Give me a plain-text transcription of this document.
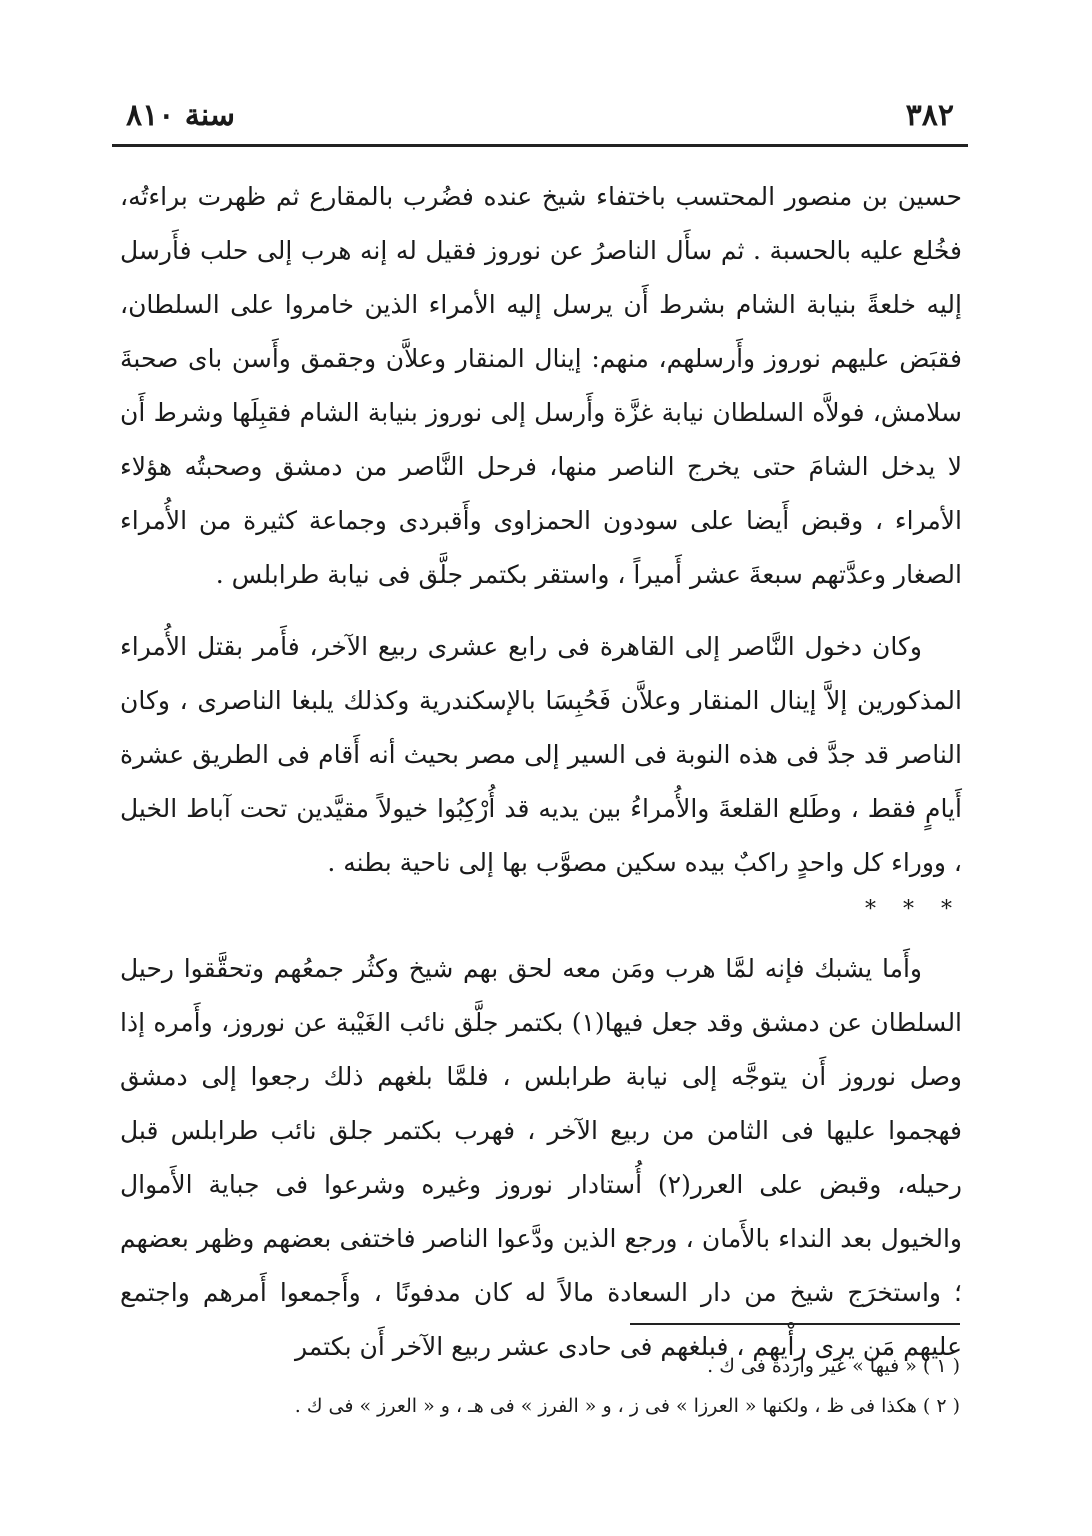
سنة ٨١٠	٣٨٢

حسين بن منصور المحتسب باختفاء شيخ عنده فضُرب بالمقارع ثم ظهرت براءتُه، فخُلع عليه بالحسبة . ثم سأَل الناصرُ عن نوروز فقيل له إنه هرب إلى حلب فأَرسل إليه خلعةً بنيابة الشام بشرط أَن يرسل إليه الأمراء الذين خامروا على السلطان، فقبَض عليهم نوروز وأَرسلهم، منهم: إينال المنقار وعلاَّن وجقمق وأَسن باى صحبةَ سلامش، فولاَّه السلطان نيابة غزَّة وأَرسل إلى نوروز بنيابة الشام فقبِلَها وشرط أَن لا يدخل الشامَ حتى يخرج الناصر منها، فرحل النَّاصر من دمشق وصحبتُه هؤلاء الأمراء ، وقبض أَيضا على سودون الحمزاوى وأَقبردى وجماعة كثيرة من الأُمراء الصغار وعدَّتهم سبعةَ عشر أَميراً ، واستقر بكتمر جلَّق فى نيابة طرابلس .

وكان دخول النَّاصر إلى القاهرة فى رابع عشرى ربيع الآخر، فأَمر بقتل الأُمراء المذكورين إلاَّ إينال المنقار وعلاَّن فَحُبِسَا بالإسكندرية وكذلك يلبغا الناصرى ، وكان الناصر قد جدَّ فى هذه النوبة فى السير إلى مصر بحيث أنه أَقام فى الطريق عشرة أَيامٍ فقط ، وطَلع القلعةَ والأُمراءُ بين يديه قد أُرْكِبُوا خيولاً مقيَّدين تحت آباط الخيل ، ووراء كل واحدٍ راكبٌ بيده سكين مصوَّب بها إلى ناحية بطنه .

* * *

وأَما يشبك فإنه لمَّا هرب ومَن معه لحق بهم شيخ وكثُر جمعُهم وتحقَّقوا رحيل السلطان عن دمشق وقد جعل فيها(١) بكتمر جلَّق نائب الغَيْبة عن نوروز، وأَمره إذا وصل نوروز أَن يتوجَّه إلى نيابة طرابلس ، فلمَّا بلغهم ذلك رجعوا إلى دمشق فهجموا عليها فى الثامن من ربيع الآخر ، فهرب بكتمر جلق نائب طرابلس قبل رحيله، وقبض على العرر(٢) أُستادار نوروز وغيره وشرعوا فى جباية الأَموال والخيول بعد النداء بالأَمان ، ورجع الذين ودَّعوا الناصر فاختفى بعضهم وظهر بعضهم ؛ واستخرَج شيخ من دار السعادة مالاً له كان مدفونًا ، وأَجمعوا أَمرهم واجتمع عليهم مَن يرى رأْيهم ، فبلغهم فى حادى عشر ربيع الآخر أَن بكتمر

( ١ ) « فيها » غير واردة فى ك .

( ٢ ) هكذا فى ظ ، ولكنها « العرزا » فى ز ، و « الفرز » فى هـ ، و « العرز » فى ك .
